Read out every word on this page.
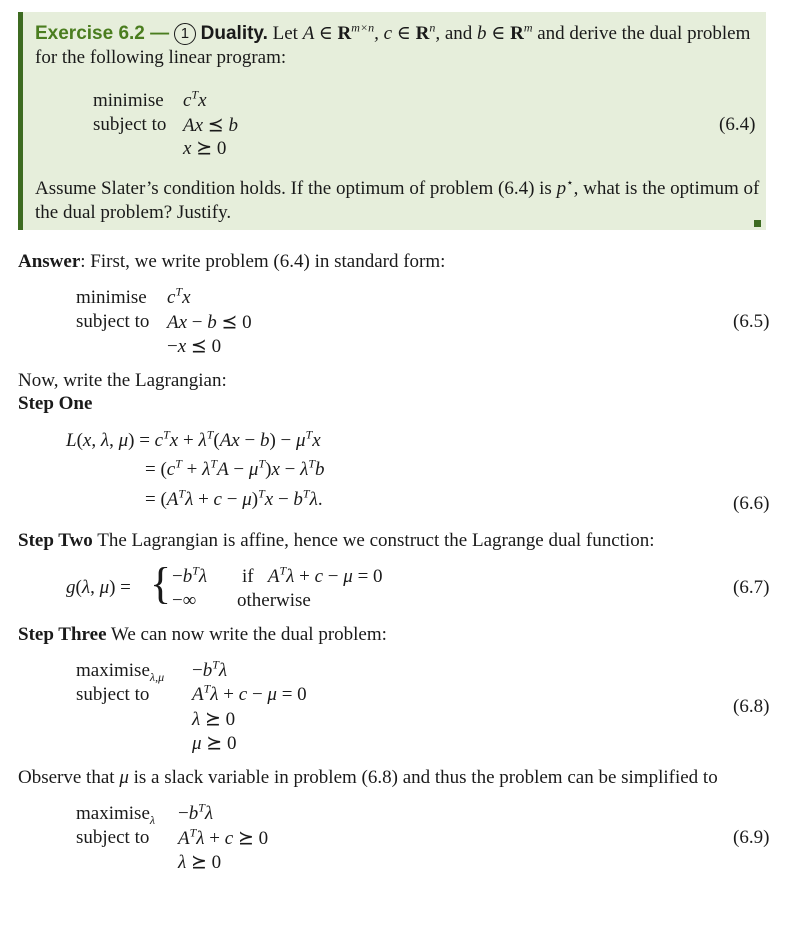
Exercise 6.2 — 1 Duality. Let A ∈ $R^{m\times n}$, c ∈ $R^n$, and b ∈ $R^m$ and derive the dual problem
for the following linear program:
minimise $c^Tx$
subject to Ax ⪯ b
x ⪰ 0
(6.4)
Assume Slater’s condition holds. If the optimum of problem (6.4) is p⋆, what is the optimum of
the dual problem? Justify.
Answer: First, we write problem (6.4) in standard form:
minimise $c^Tx$
subject to Ax − b ⪯ 0
−x ⪯ 0
(6.5)
Now, write the Lagrangian:
Step One
L(x, λ, $\mu) = c^Tx + \lambda^T(Ax - b) - \mu^Tx$
= $(c^T + \lambda^TA - \mu^T)x - \lambda^Tb$
= $(A^T\lambda + c - \mu)^Tx - b^T\lambda$.	(6.6)
Step Two The Lagrangian is affine, hence we construct the Lagrange dual function:
g(λ, μ) = { $-b^T\lambda$ if $A^T\lambda + c - \mu = 0$
−∞ otherwise
(6.7)
Step Three We can now write the dual problem:
maximise$_{\lambda,\mu}$ $-b^T\lambda$
subject to $A^T\lambda + c - \mu = 0$
λ ⪰ 0
μ ⪰ 0
(6.8)
Observe that μ is a slack variable in problem (6.8) and thus the problem can be simplified to
maximise$_\lambda$ $-b^T\lambda$
subject to $A^T\lambda + c$ ⪰ 0
λ ⪰ 0
(6.9)
